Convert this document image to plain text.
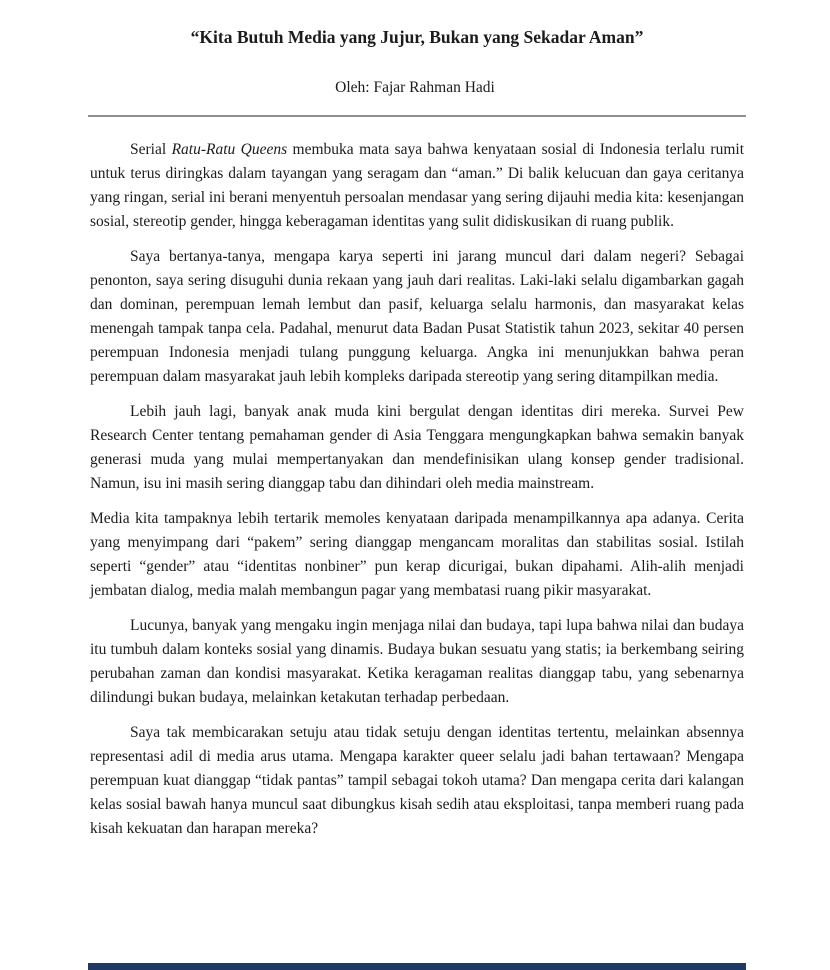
“Kita Butuh Media yang Jujur, Bukan yang Sekadar Aman”
Oleh: Fajar Rahman Hadi

Serial Ratu-Ratu Queens membuka mata saya bahwa kenyataan sosial di Indonesia terlalu rumit untuk terus diringkas dalam tayangan yang seragam dan “aman.” Di balik kelucuan dan gaya ceritanya yang ringan, serial ini berani menyentuh persoalan mendasar yang sering dijauhi media kita: kesenjangan sosial, stereotip gender, hingga keberagaman identitas yang sulit didiskusikan di ruang publik.

Saya bertanya-tanya, mengapa karya seperti ini jarang muncul dari dalam negeri? Sebagai penonton, saya sering disuguhi dunia rekaan yang jauh dari realitas. Laki-laki selalu digambarkan gagah dan dominan, perempuan lemah lembut dan pasif, keluarga selalu harmonis, dan masyarakat kelas menengah tampak tanpa cela. Padahal, menurut data Badan Pusat Statistik tahun 2023, sekitar 40 persen perempuan Indonesia menjadi tulang punggung keluarga. Angka ini menunjukkan bahwa peran perempuan dalam masyarakat jauh lebih kompleks daripada stereotip yang sering ditampilkan media.

Lebih jauh lagi, banyak anak muda kini bergulat dengan identitas diri mereka. Survei Pew Research Center tentang pemahaman gender di Asia Tenggara mengungkapkan bahwa semakin banyak generasi muda yang mulai mempertanyakan dan mendefinisikan ulang konsep gender tradisional. Namun, isu ini masih sering dianggap tabu dan dihindari oleh media mainstream.

Media kita tampaknya lebih tertarik memoles kenyataan daripada menampilkannya apa adanya. Cerita yang menyimpang dari “pakem” sering dianggap mengancam moralitas dan stabilitas sosial. Istilah seperti “gender” atau “identitas nonbiner” pun kerap dicurigai, bukan dipahami. Alih-alih menjadi jembatan dialog, media malah membangun pagar yang membatasi ruang pikir masyarakat.

Lucunya, banyak yang mengaku ingin menjaga nilai dan budaya, tapi lupa bahwa nilai dan budaya itu tumbuh dalam konteks sosial yang dinamis. Budaya bukan sesuatu yang statis; ia berkembang seiring perubahan zaman dan kondisi masyarakat. Ketika keragaman realitas dianggap tabu, yang sebenarnya dilindungi bukan budaya, melainkan ketakutan terhadap perbedaan.

Saya tak membicarakan setuju atau tidak setuju dengan identitas tertentu, melainkan absennya representasi adil di media arus utama. Mengapa karakter queer selalu jadi bahan tertawaan? Mengapa perempuan kuat dianggap “tidak pantas” tampil sebagai tokoh utama? Dan mengapa cerita dari kalangan kelas sosial bawah hanya muncul saat dibungkus kisah sedih atau eksploitasi, tanpa memberi ruang pada kisah kekuatan dan harapan mereka?
